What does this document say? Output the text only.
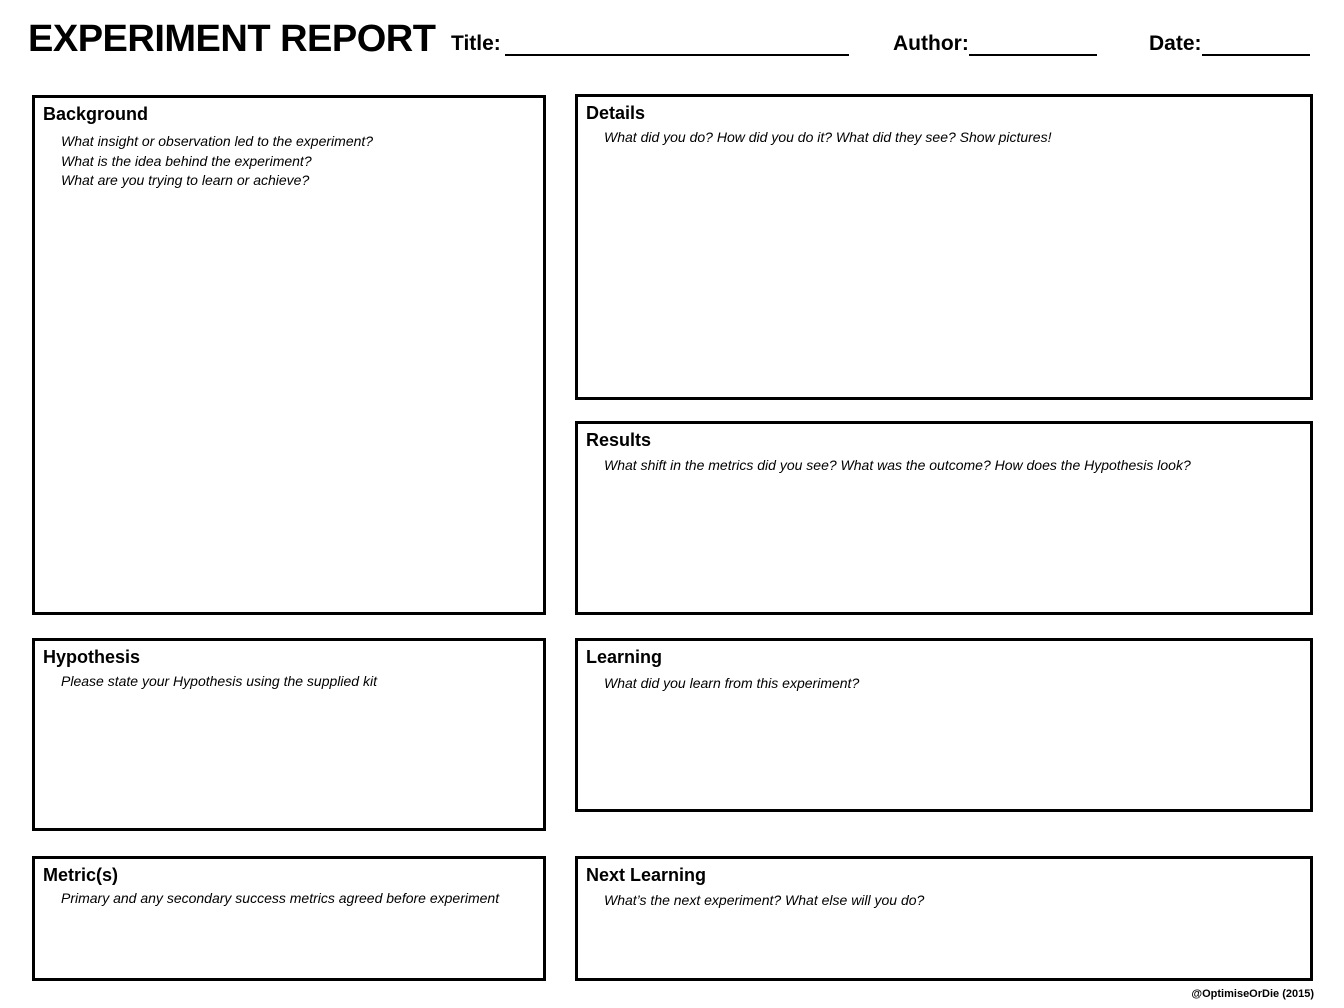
EXPERIMENT REPORT Title:	Author:	Date:
Background
What insight or observation led to the experiment?
What is the idea behind the experiment?
What are you trying to learn or achieve?
Details
What did you do? How did you do it? What did they see? Show pictures!
Results
What shift in the metrics did you see? What was the outcome? How does the Hypothesis look?
Hypothesis
Please state your Hypothesis using the supplied kit
Learning
What did you learn from this experiment?
Metric(s)
Primary and any secondary success metrics agreed before experiment
Next Learning
What’s the next experiment? What else will you do?
@OptimiseOrDie (2015)
